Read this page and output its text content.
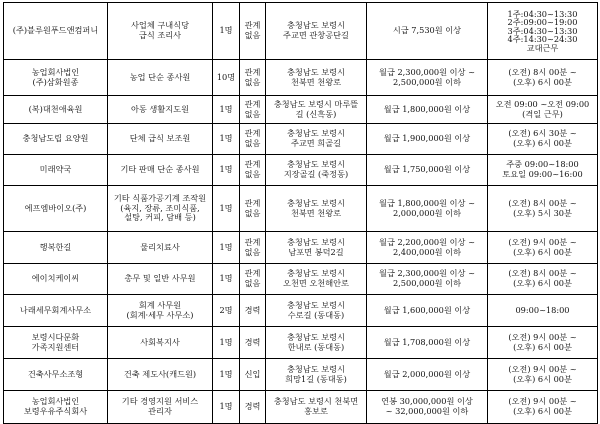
(주)블루원푸드앤컴퍼니	사업체 구내식당
급식 조리사	1명	관계
없음	충청남도 보령시
주교면 관창공단길	시급 7,530원 이상	1주:04:30~13:30
2주:09:00~19:00
3주:04:30~13:30
4주:14:30~24:30
교대근무
농업회사법인
(주)삼화원종	농업 단순 종사원	10명	관계
없음	충청남도 보령시
천북면 천왕로	월급 2,300,000원 이상 ~
2,500,000원 이하	(오전) 8시 00분 ~
(오후) 6시 00분
(복)대천애육원	아동 생활지도원	1명	관계
없음	충청남도 보령시 마루뜰
길 (신흑동)	월급 1,800,000원 이상	오전 09:00 ~오전 09:00
(격일 근무)
충청남도립 요양원	단체 급식 보조원	1명	관계
없음	충청남도 보령시
주교면 희골길	월급 1,900,000원 이상	(오전) 6시 30분 ~
(오후) 6시 00분
미래약국	기타 판매 단순 종사원	1명	관계
없음	충청남도 보령시
지장골길 (죽정동)	월급 1,750,000원 이상	주중 09:00~18:00
토요일 09:00~16:00
에프엠바이오(주)	기타 식품가공기계 조작원(육지, 장류, 조미식품, 설탕, 커피, 담배 등)	1명	관계
없음	충청남도 보령시
천북면 천왕로	월급 1,800,000원 이상 ~
2,000,000원 이하	(오전) 8시 00분 ~
(오후) 5시 30분
행복한길	물리치료사	1명	관계
없음	충청남도 보령시
남포면 봉덕2길	월급 2,200,000원 이상 ~
2,400,000원 이하	(오전) 9시 00분 ~
(오후) 6시 00분
에이치케이씨	총무 및 일반 사무원	1명	관계
없음	충청남도 보령시
오천면 오천해안로	월급 2,300,000원 이상 ~
2,500,000원 이하	(오전) 8시 00분 ~
(오후) 6시 00분
나래세무회계사무소	회계 사무원
(회계·세무 사무소)	2명	경력	충청남도 보령시
수로길 (동대동)	월급 1,600,000원 이상	09:00~18:00
보령시다문화
가족지원센터	사회복지사	1명	경력	충청남도 보령시
한내로 (동대동)	월급 1,708,000원 이상	(오전) 9시 00분 ~
(오후) 6시 00분
건축사무소조형	건축 제도사(캐드원)	1명	신입	충청남도 보령시
희망1길 (동대동)	월급 2,000,000원 이상	(오전) 9시 00분 ~
(오후) 6시 00분
농업회사법인
보령우유주식회사	기타 경영지원 서비스
관리자	1명	경력	충청남도 보령시 천북면
홍보로	연봉 30,000,000원 이상
~ 32,000,000원 이하	(오전) 9시 00분 ~
(오후) 6시 00분
